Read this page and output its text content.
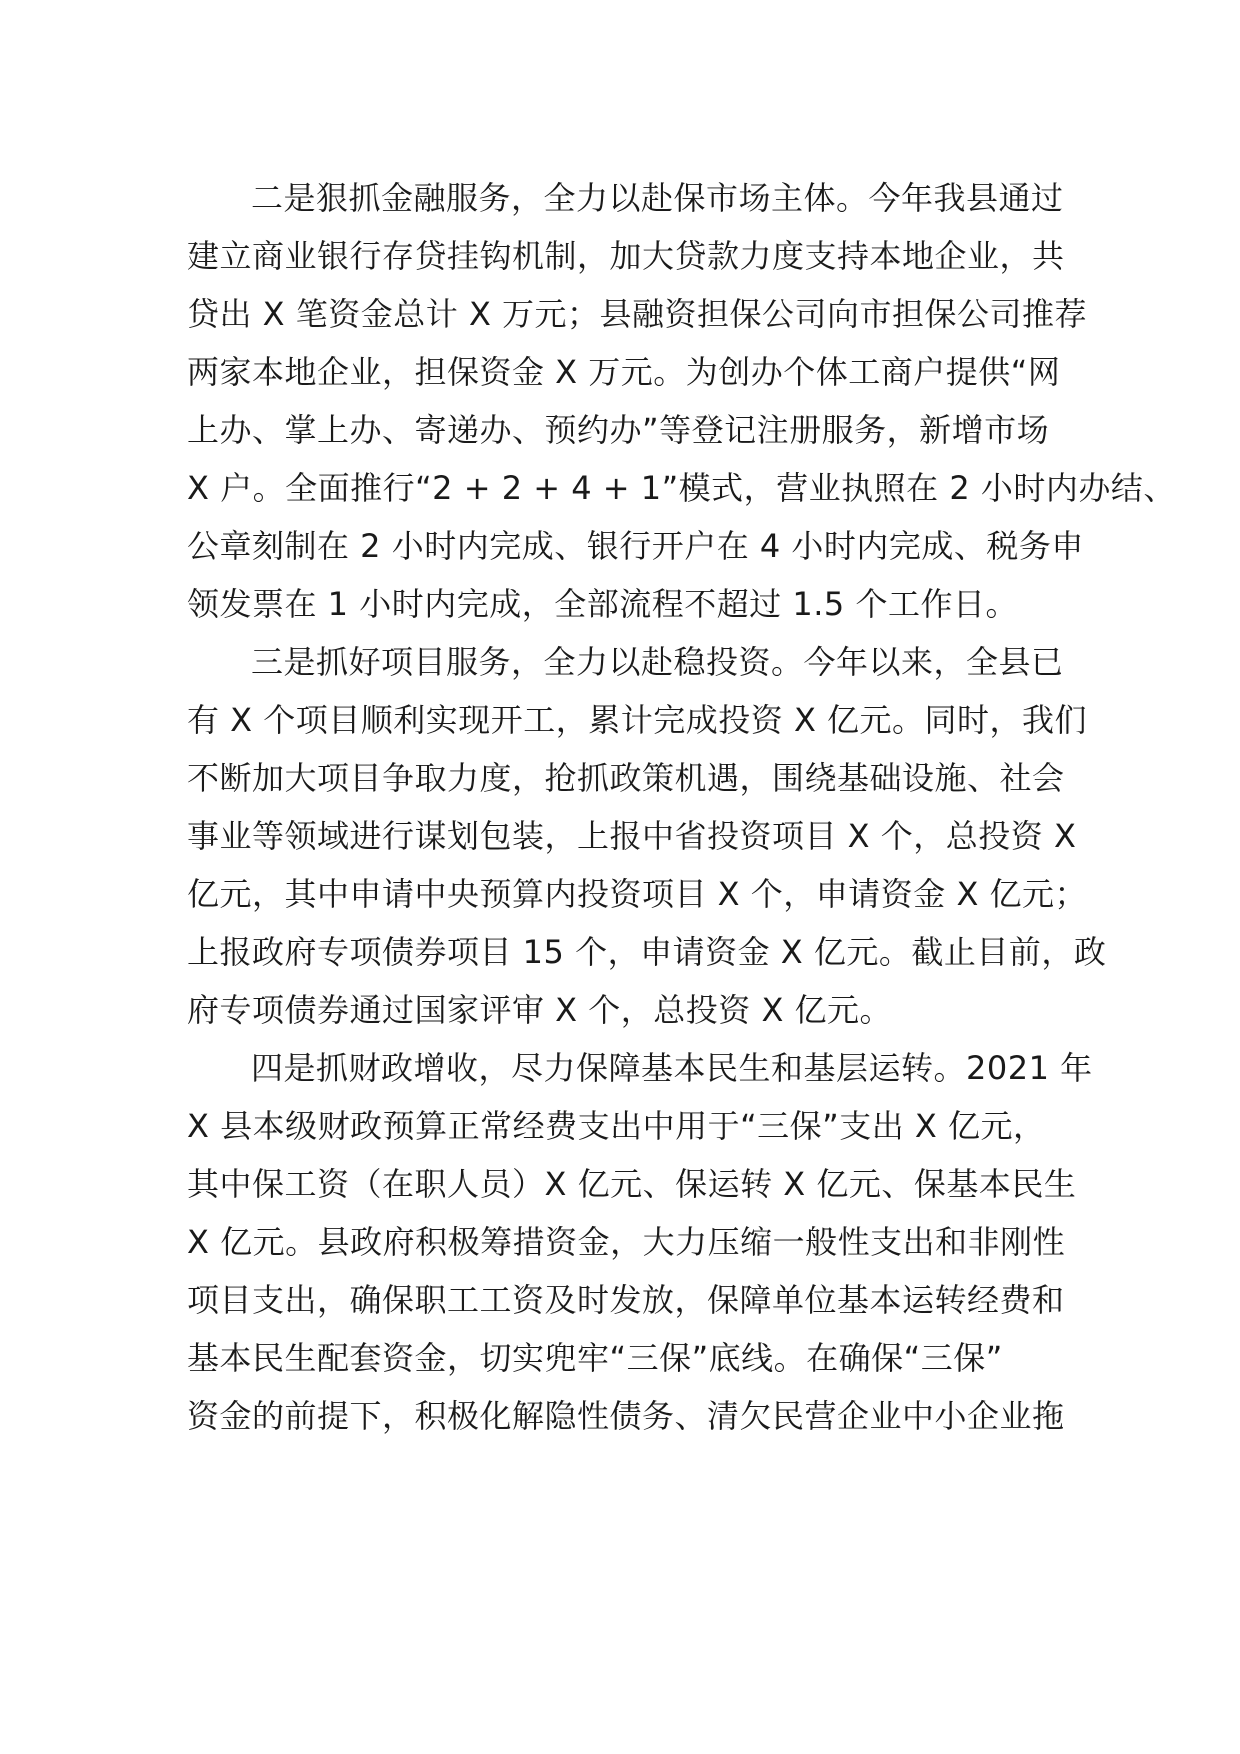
二是狠抓金融服务，全力以赴保市场主体。今年我县通过
建立商业银行存贷挂钩机制，加大贷款力度支持本地企业，共
贷出 X 笔资金总计 X 万元；县融资担保公司向市担保公司推荐
两家本地企业，担保资金 X 万元。为创办个体工商户提供“网
上办、掌上办、寄递办、预约办”等登记注册服务，新增市场
X 户。全面推行“2 + 2 + 4 + 1”模式，营业执照在 2 小时内办结、
公章刻制在 2 小时内完成、银行开户在 4 小时内完成、税务申
领发票在 1 小时内完成，全部流程不超过 1.5 个工作日。
三是抓好项目服务，全力以赴稳投资。今年以来，全县已
有 X 个项目顺利实现开工，累计完成投资 X 亿元。同时，我们
不断加大项目争取力度，抢抓政策机遇，围绕基础设施、社会
事业等领域进行谋划包装，上报中省投资项目 X 个，总投资 X
亿元，其中申请中央预算内投资项目 X 个，申请资金 X 亿元；
上报政府专项债券项目 15 个，申请资金 X 亿元。截止目前，政
府专项债券通过国家评审 X 个，总投资 X 亿元。
四是抓财政增收，尽力保障基本民生和基层运转。2021 年
X 县本级财政预算正常经费支出中用于“三保”支出 X 亿元，
其中保工资（在职人员）X 亿元、保运转 X 亿元、保基本民生
X 亿元。县政府积极筹措资金，大力压缩一般性支出和非刚性
项目支出，确保职工工资及时发放，保障单位基本运转经费和
基本民生配套资金，切实兜牢“三保”底线。在确保“三保”
资金的前提下，积极化解隐性债务、清欠民营企业中小企业拖
